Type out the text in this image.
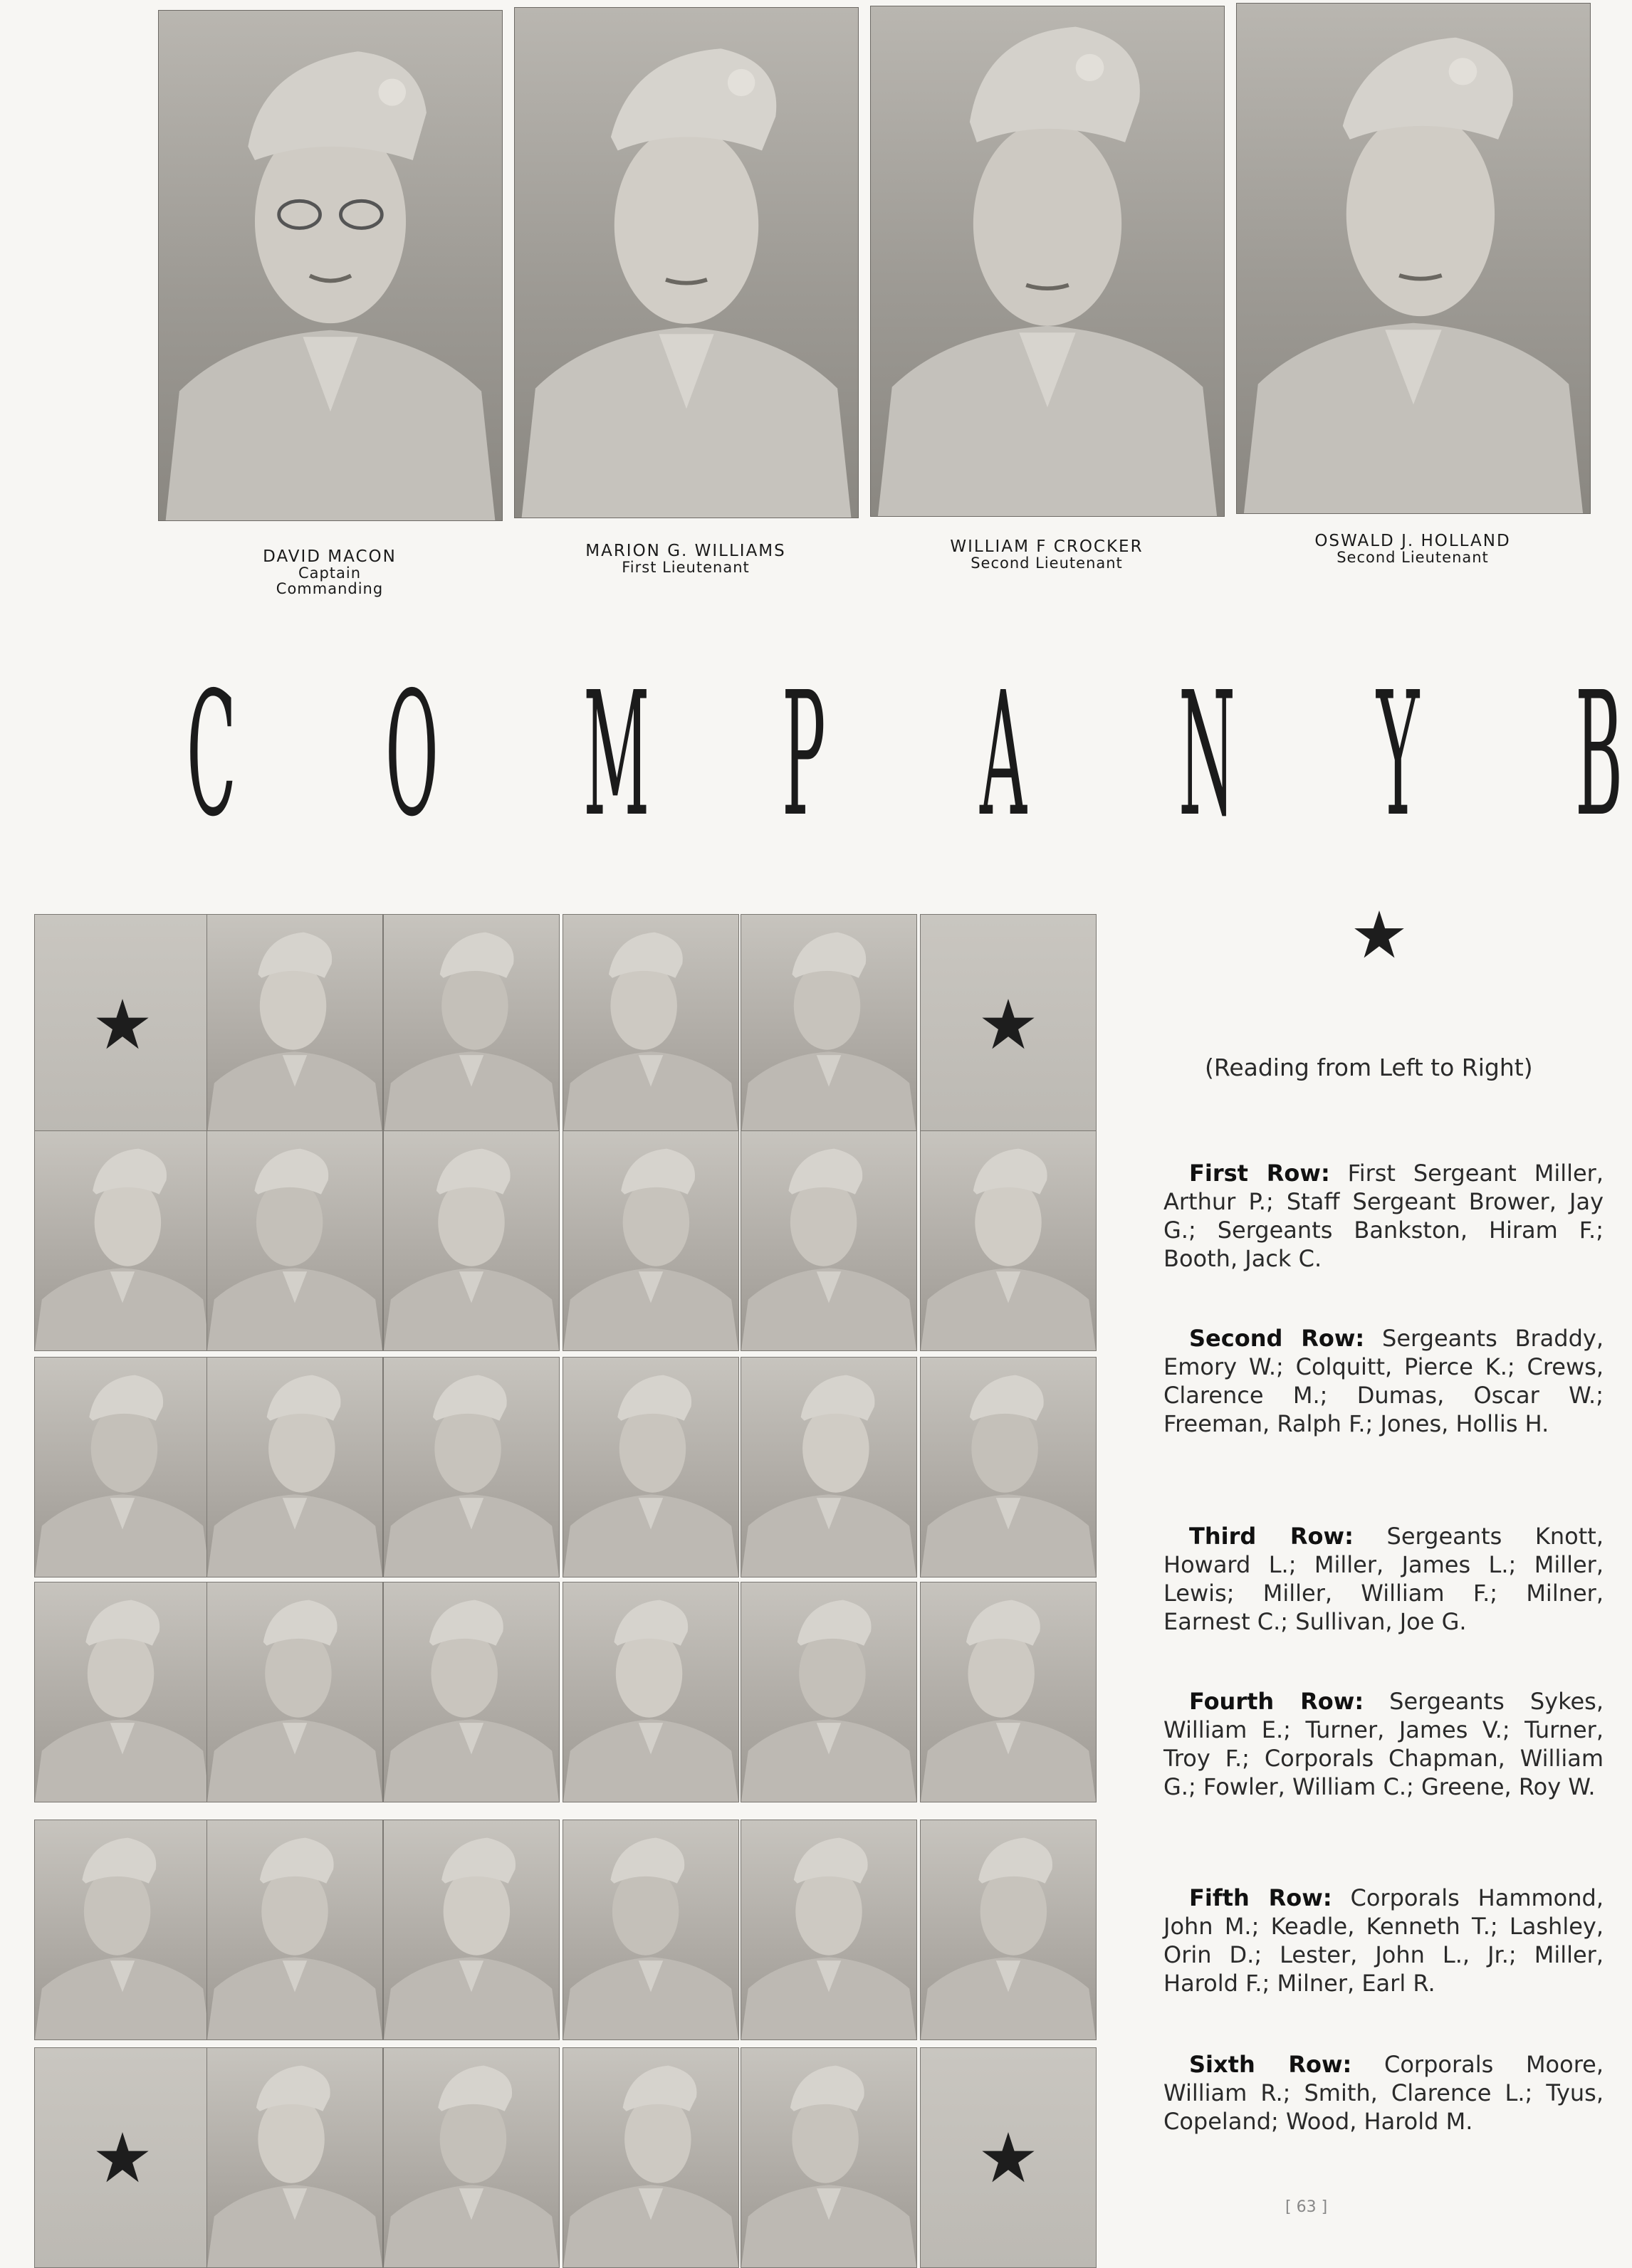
DAVID MACON
Captain
Commanding
MARION G. WILLIAMS
First Lieutenant
WILLIAM F CROCKER
Second Lieutenant
OSWALD J. HOLLAND
Second Lieutenant
C O M P A N Y B
(Reading from Left to Right)

First Row: First Sergeant Miller, Arthur P.; Staff Sergeant Brower, Jay G.; Sergeants Bankston, Hiram F.; Booth, Jack C.

Second Row: Sergeants Braddy, Emory W.; Colquitt, Pierce K.; Crews, Clarence M.; Dumas, Oscar W.; Freeman, Ralph F.; Jones, Hollis H.

Third Row: Sergeants Knott, Howard L.; Miller, James L.; Miller, Lewis; Miller, William F.; Milner, Earnest C.; Sullivan, Joe G.

Fourth Row: Sergeants Sykes, William E.; Turner, James V.; Turner, Troy F.; Corporals Chapman, William G.; Fowler, William C.; Greene, Roy W.

Fifth Row: Corporals Hammond, John M.; Keadle, Kenneth T.; Lashley, Orin D.; Lester, John L., Jr.; Miller, Harold F.; Milner, Earl R.

Sixth Row: Corporals Moore, William R.; Smith, Clarence L.; Tyus, Copeland; Wood, Harold M.

[ 63 ]
